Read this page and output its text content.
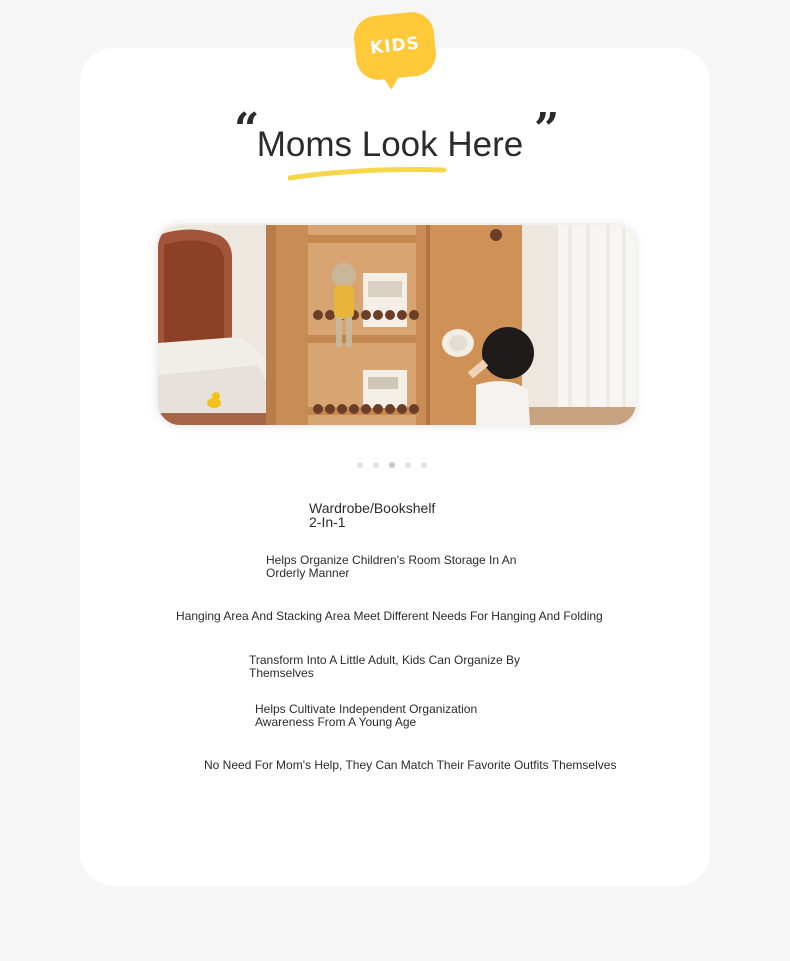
KIDS
“
Moms Look Here ”
Wardrobe/Bookshelf
2-In-1
Helps Organize Children's Room Storage In An
Orderly Manner
Hanging Area And Stacking Area Meet Different Needs For Hanging And Folding
Transform Into A Little Adult, Kids Can Organize By
Themselves
Helps Cultivate Independent Organization
Awareness From A Young Age
No Need For Mom's Help, They Can Match Their Favorite Outfits Themselves
